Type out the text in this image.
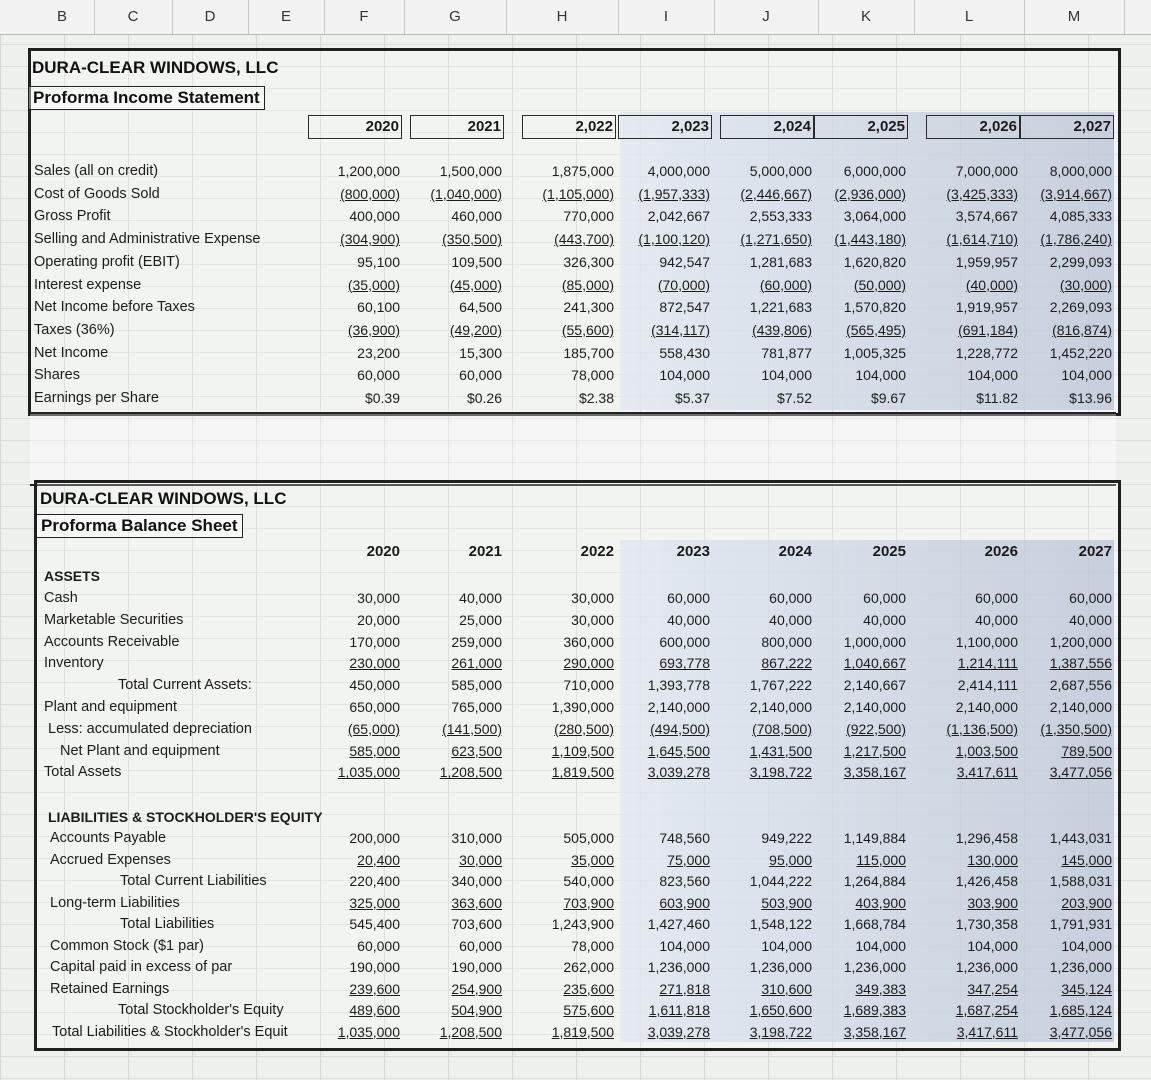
B	C	D	E	F	G	H	I	J	K	L	M
DURA-CLEAR WINDOWS, LLC
Proforma Income Statement
2020	2021	2,022	2,023	2,024	2,025	2,026	2,027
Sales (all on credit)	1,200,000	1,500,000	1,875,000	4,000,000	5,000,000	6,000,000	7,000,000	8,000,000
Cost of Goods Sold	(800,000)	(1,040,000)	(1,105,000)	(1,957,333)	(2,446,667)	(2,936,000)	(3,425,333)	(3,914,667)
Gross Profit	400,000	460,000	770,000	2,042,667	2,553,333	3,064,000	3,574,667	4,085,333
Selling and Administrative Expense	(304,900)	(350,500)	(443,700)	(1,100,120)	(1,271,650)	(1,443,180)	(1,614,710)	(1,786,240)
Operating profit (EBIT)	95,100	109,500	326,300	942,547	1,281,683	1,620,820	1,959,957	2,299,093
Interest expense	(35,000)	(45,000)	(85,000)	(70,000)	(60,000)	(50,000)	(40,000)	(30,000)
Net Income before Taxes	60,100	64,500	241,300	872,547	1,221,683	1,570,820	1,919,957	2,269,093
Taxes (36%)	(36,900)	(49,200)	(55,600)	(314,117)	(439,806)	(565,495)	(691,184)	(816,874)
Net Income	23,200	15,300	185,700	558,430	781,877	1,005,325	1,228,772	1,452,220
Shares	60,000	60,000	78,000	104,000	104,000	104,000	104,000	104,000
Earnings per Share	$0.39	$0.26	$2.38	$5.37	$7.52	$9.67	$11.82	$13.96
DURA-CLEAR WINDOWS, LLC
Proforma Balance Sheet
2020	2021	2022	2023	2024	2025	2026	2027
ASSETS
Cash	30,000	40,000	30,000	60,000	60,000	60,000	60,000	60,000
Marketable Securities	20,000	25,000	30,000	40,000	40,000	40,000	40,000	40,000
Accounts Receivable	170,000	259,000	360,000	600,000	800,000	1,000,000	1,100,000	1,200,000
Inventory	230,000	261,000	290,000	693,778	867,222	1,040,667	1,214,111	1,387,556
Total Current Assets:	450,000	585,000	710,000	1,393,778	1,767,222	2,140,667	2,414,111	2,687,556
Plant and equipment	650,000	765,000	1,390,000	2,140,000	2,140,000	2,140,000	2,140,000	2,140,000
Less: accumulated depreciation	(65,000)	(141,500)	(280,500)	(494,500)	(708,500)	(922,500)	(1,136,500)	(1,350,500)
Net Plant and equipment	585,000	623,500	1,109,500	1,645,500	1,431,500	1,217,500	1,003,500	789,500
Total Assets	1,035,000	1,208,500	1,819,500	3,039,278	3,198,722	3,358,167	3,417,611	3,477,056
LIABILITIES & STOCKHOLDER'S EQUITY
Accounts Payable	200,000	310,000	505,000	748,560	949,222	1,149,884	1,296,458	1,443,031
Accrued Expenses	20,400	30,000	35,000	75,000	95,000	115,000	130,000	145,000
Total Current Liabilities	220,400	340,000	540,000	823,560	1,044,222	1,264,884	1,426,458	1,588,031
Long-term Liabilities	325,000	363,600	703,900	603,900	503,900	403,900	303,900	203,900
Total Liabilities	545,400	703,600	1,243,900	1,427,460	1,548,122	1,668,784	1,730,358	1,791,931
Common Stock ($1 par)	60,000	60,000	78,000	104,000	104,000	104,000	104,000	104,000
Capital paid in excess of par	190,000	190,000	262,000	1,236,000	1,236,000	1,236,000	1,236,000	1,236,000
Retained Earnings	239,600	254,900	235,600	271,818	310,600	349,383	347,254	345,124
Total Stockholder's Equity	489,600	504,900	575,600	1,611,818	1,650,600	1,689,383	1,687,254	1,685,124
Total Liabilities & Stockholder's Equit	1,035,000	1,208,500	1,819,500	3,039,278	3,198,722	3,358,167	3,417,611	3,477,056
